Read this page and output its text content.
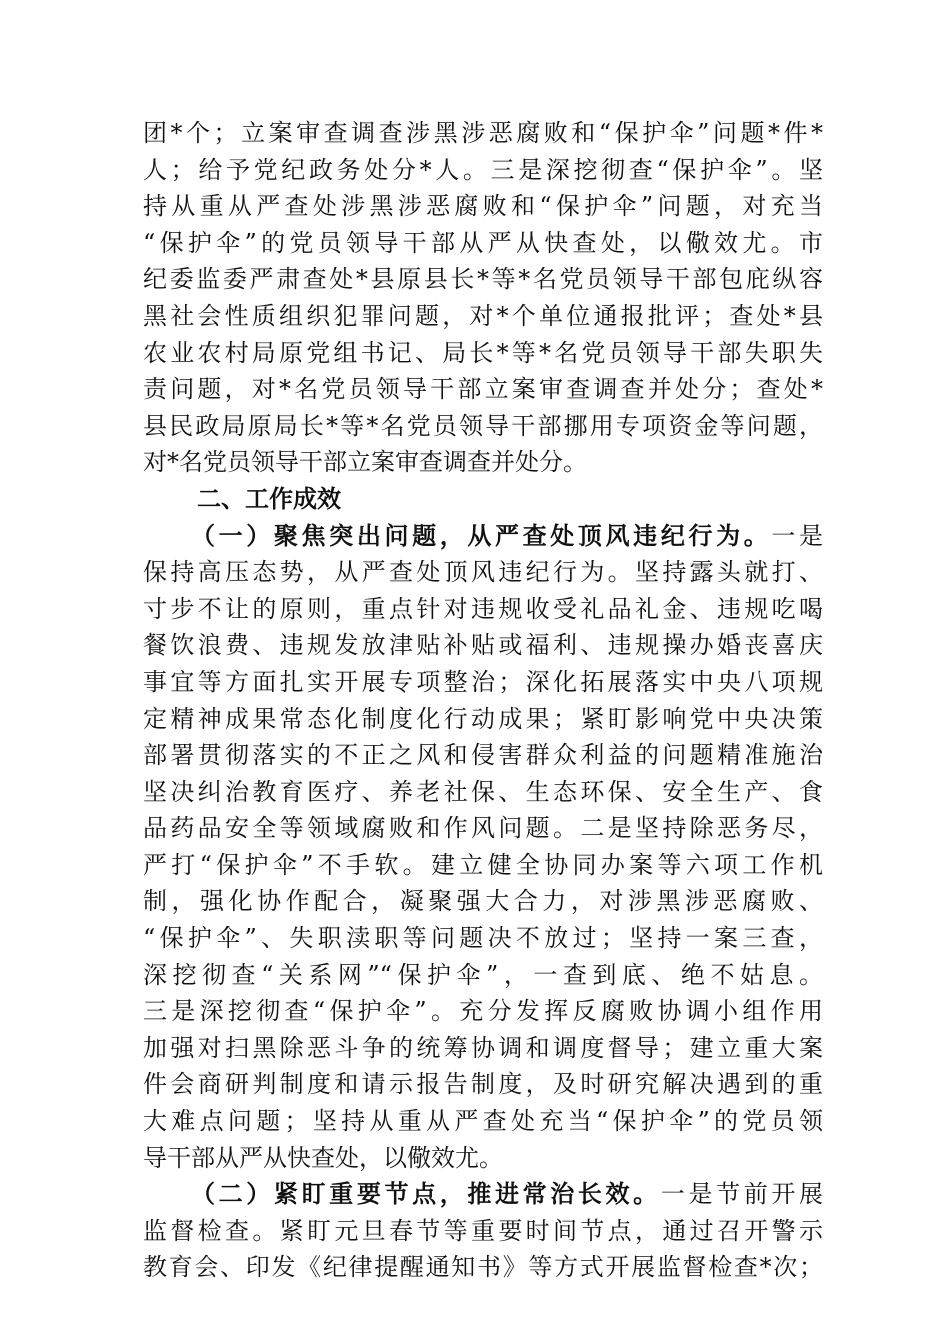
团*个；立案审查调查涉黑涉恶腐败和“保护伞”问题*件*
人；给予党纪政务处分*人。三是深挖彻查“保护伞”。坚
持从重从严查处涉黑涉恶腐败和“保护伞”问题，对充当
“保护伞”的党员领导干部从严从快查处，以儆效尤。市
纪委监委严肃查处*县原县长*等*名党员领导干部包庇纵容
黑社会性质组织犯罪问题，对*个单位通报批评；查处*县
农业农村局原党组书记、局长*等*名党员领导干部失职失
责问题，对*名党员领导干部立案审查调查并处分；查处*
县民政局原局长*等*名党员领导干部挪用专项资金等问题，
对*名党员领导干部立案审查调查并处分。
二、工作成效
（一）聚焦突出问题，从严查处顶风违纪行为。一是
保持高压态势，从严查处顶风违纪行为。坚持露头就打、
寸步不让的原则，重点针对违规收受礼品礼金、违规吃喝
餐饮浪费、违规发放津贴补贴或福利、违规操办婚丧喜庆
事宜等方面扎实开展专项整治；深化拓展落实中央八项规
定精神成果常态化制度化行动成果；紧盯影响党中央决策
部署贯彻落实的不正之风和侵害群众利益的问题精准施治
坚决纠治教育医疗、养老社保、生态环保、安全生产、食
品药品安全等领域腐败和作风问题。二是坚持除恶务尽，
严打“保护伞”不手软。建立健全协同办案等六项工作机
制，强化协作配合，凝聚强大合力，对涉黑涉恶腐败、
“保护伞”、失职渎职等问题决不放过；坚持一案三查，
深挖彻查“关系网”“保护伞”，一查到底、绝不姑息。
三是深挖彻查“保护伞”。充分发挥反腐败协调小组作用
加强对扫黑除恶斗争的统筹协调和调度督导；建立重大案
件会商研判制度和请示报告制度，及时研究解决遇到的重
大难点问题；坚持从重从严查处充当“保护伞”的党员领
导干部从严从快查处，以儆效尤。
（二）紧盯重要节点，推进常治长效。一是节前开展
监督检查。紧盯元旦春节等重要时间节点，通过召开警示
教育会、印发《纪律提醒通知书》等方式开展监督检查*次；
